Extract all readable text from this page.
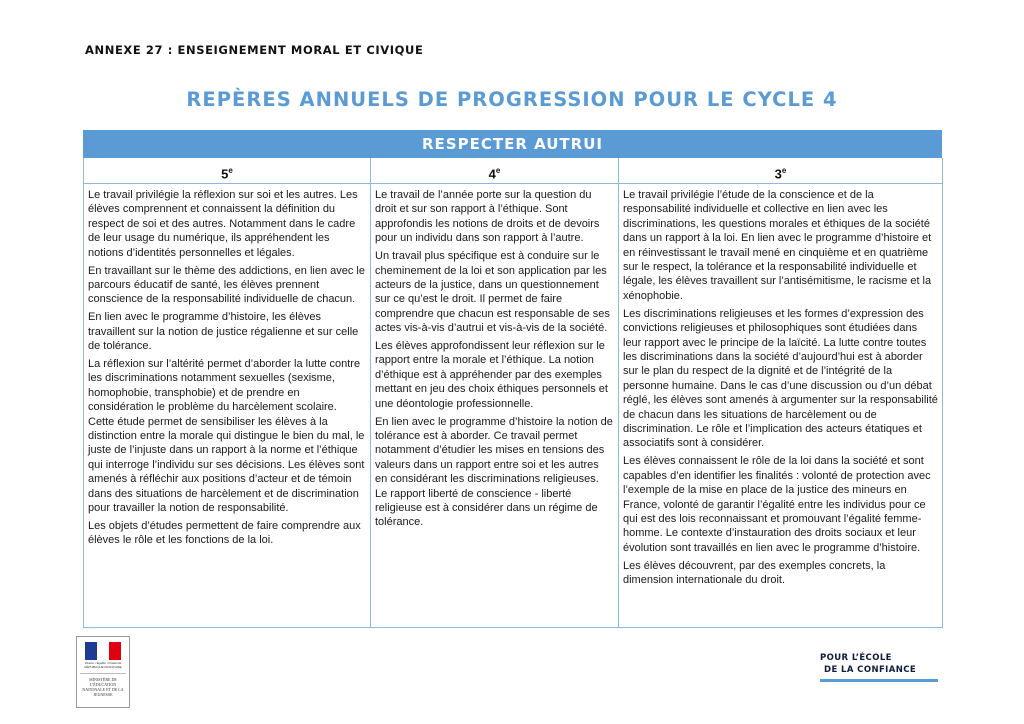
ANNEXE 27 : ENSEIGNEMENT MORAL ET CIVIQUE
REPÈRES ANNUELS DE PROGRESSION POUR LE CYCLE 4
RESPECTER AUTRUI
5e	4e	3e

Le travail privilégie la réflexion sur soi et les autres. Les élèves comprennent et connaissent la définition du respect de soi et des autres. Notamment dans le cadre de leur usage du numérique, ils appréhendent les notions d’identités personnelles et légales.

En travaillant sur le thème des addictions, en lien avec le parcours éducatif de santé, les élèves prennent conscience de la responsabilité individuelle de chacun.

En lien avec le programme d’histoire, les élèves travaillent sur la notion de justice régalienne et sur celle de tolérance.

La réflexion sur l’altérité permet d’aborder la lutte contre les discriminations notamment sexuelles (sexisme, homophobie, transphobie) et de prendre en considération le problème du harcèlement scolaire. Cette étude permet de sensibiliser les élèves à la distinction entre la morale qui distingue le bien du mal, le juste de l’injuste dans un rapport à la norme et l’éthique qui interroge l’individu sur ses décisions. Les élèves sont amenés à réfléchir aux positions d’acteur et de témoin dans des situations de harcèlement et de discrimination pour travailler la notion de responsabilité.

Les objets d’études permettent de faire comprendre aux élèves le rôle et les fonctions de la loi.

Le travail de l’année porte sur la question du droit et sur son rapport à l’éthique. Sont approfondis les notions de droits et de devoirs pour un individu dans son rapport à l’autre.

Un travail plus spécifique est à conduire sur le cheminement de la loi et son application par les acteurs de la justice, dans un questionnement sur ce qu’est le droit. Il permet de faire comprendre que chacun est responsable de ses actes vis-à-vis d’autrui et vis-à-vis de la société.

Les élèves approfondissent leur réflexion sur le rapport entre la morale et l’éthique. La notion d’éthique est à appréhender par des exemples mettant en jeu des choix éthiques personnels et une déontologie professionnelle.

En lien avec le programme d’histoire la notion de tolérance est à aborder. Ce travail permet notamment d’étudier les mises en tensions des valeurs dans un rapport entre soi et les autres en considérant les discriminations religieuses. Le rapport liberté de conscience - liberté religieuse est à considérer dans un régime de tolérance.

Le travail privilégie l’étude de la conscience et de la responsabilité individuelle et collective en lien avec les discriminations, les questions morales et éthiques de la société dans un rapport à la loi. En lien avec le programme d’histoire et en réinvestissant le travail mené en cinquième et en quatrième sur le respect, la tolérance et la responsabilité individuelle et légale, les élèves travaillent sur l’antisémitisme, le racisme et la xénophobie.

Les discriminations religieuses et les formes d’expression des convictions religieuses et philosophiques sont étudiées dans leur rapport avec le principe de la laïcité. La lutte contre toutes les discriminations dans la société d’aujourd’hui est à aborder sur le plan du respect de la dignité et de l’intégrité de la personne humaine. Dans le cas d’une discussion ou d’un débat réglé, les élèves sont amenés à argumenter sur la responsabilité de chacun dans les situations de harcèlement ou de discrimination. Le rôle et l’implication des acteurs étatiques et associatifs sont à considérer.

Les élèves connaissent le rôle de la loi dans la société et sont capables d’en identifier les finalités : volonté de protection avec l’exemple de la mise en place de la justice des mineurs en France, volonté de garantir l’égalité entre les individus pour ce qui est des lois reconnaissant et promouvant l’égalité femme-homme. Le contexte d’instauration des droits sociaux et leur évolution sont travaillés en lien avec le programme d’histoire.

Les élèves découvrent, par des exemples concrets, la dimension internationale du droit.

Liberté • Égalité • Fraternité RÉPUBLIQUE FRANÇAISE
MINISTÈRE DE L’ÉDUCATION NATIONALE ET DE LA JEUNESSE
POUR L’ÉCOLE
DE LA CONFIANCE
